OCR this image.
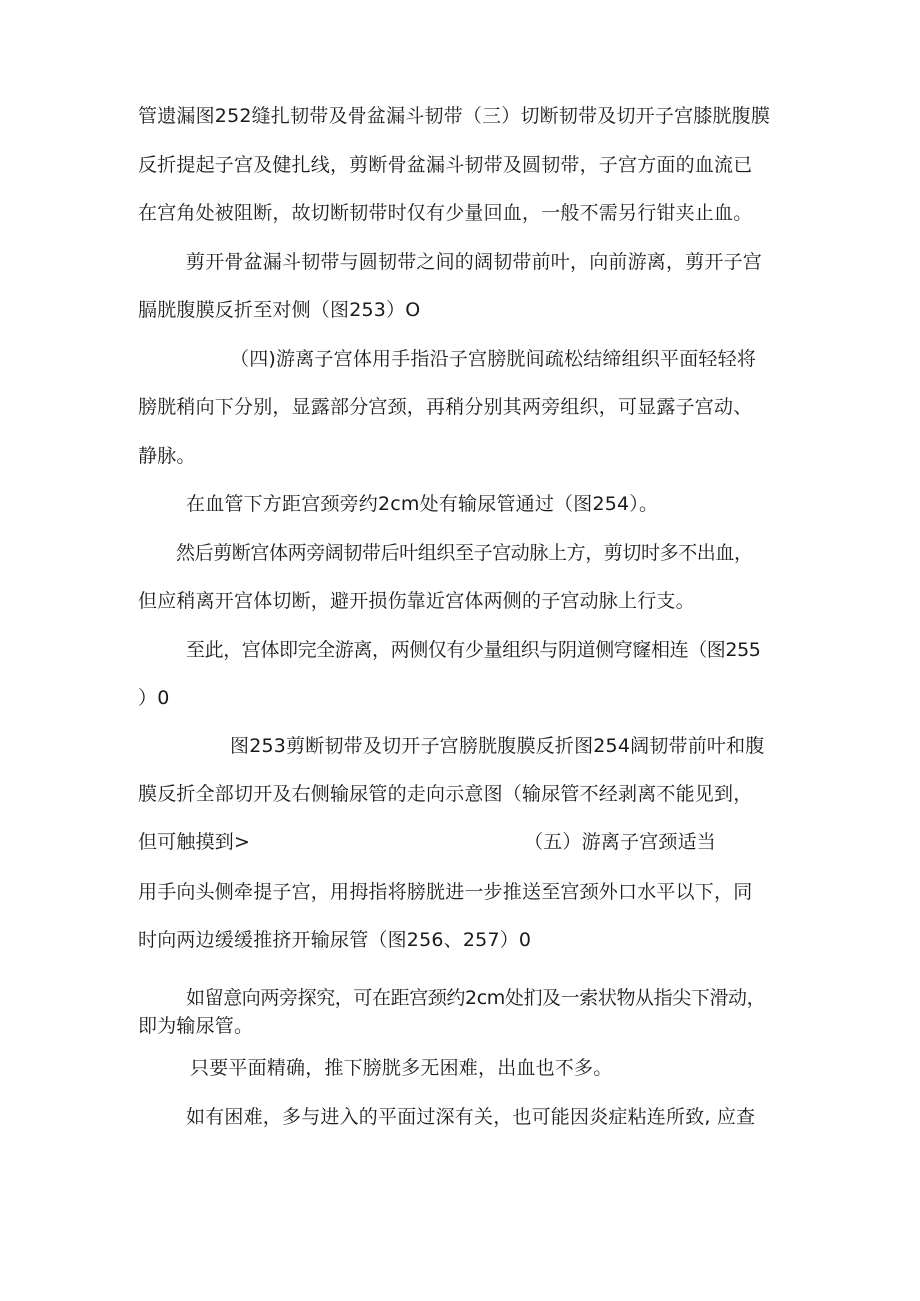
管遗漏图252缝扎韧带及骨盆漏斗韧带（三）切断韧带及切开子宫膝胱腹膜
反折提起子宫及健扎线，剪断骨盆漏斗韧带及圆韧带，子宫方面的血流已
在宫角处被阻断，故切断韧带时仅有少量回血，一般不需另行钳夹止血。
剪开骨盆漏斗韧带与圆韧带之间的阔韧带前叶，向前游离，剪开子宫
膈胱腹膜反折至对侧（图253）O
（四)游离子宫体用手指沿子宫膀胱间疏松结缔组织平面轻轻将
膀胱稍向下分别，显露部分宫颈，再稍分别其两旁组织，可显露子宫动、
静脉。
在血管下方距宫颈旁约2cm处有输尿管通过（图254）。
然后剪断宫体两旁阔韧带后叶组织至子宫动脉上方，剪切时多不出血，
但应稍离开宫体切断，避开损伤靠近宫体两侧的子宫动脉上行支。
至此，宫体即完全游离，两侧仅有少量组织与阴道侧穹窿相连（图255
）0
图253剪断韧带及切开子宫膀胱腹膜反折图254阔韧带前叶和腹
膜反折全部切开及右侧输尿管的走向示意图（输尿管不经剥离不能见到，
但可触摸到>	（五）游离子宫颈适当
用手向头侧牵提子宫，用拇指将膀胱进一步推送至宫颈外口水平以下，同
时向两边缓缓推挤开输尿管（图256、257）0
如留意向两旁探究，可在距宫颈约2cm处扪及一索状物从指尖下滑动，
即为输尿管。
只要平面精确，推下膀胱多无困难，出血也不多。
如有困难，多与进入的平面过深有关，也可能因炎症粘连所致, 应查
